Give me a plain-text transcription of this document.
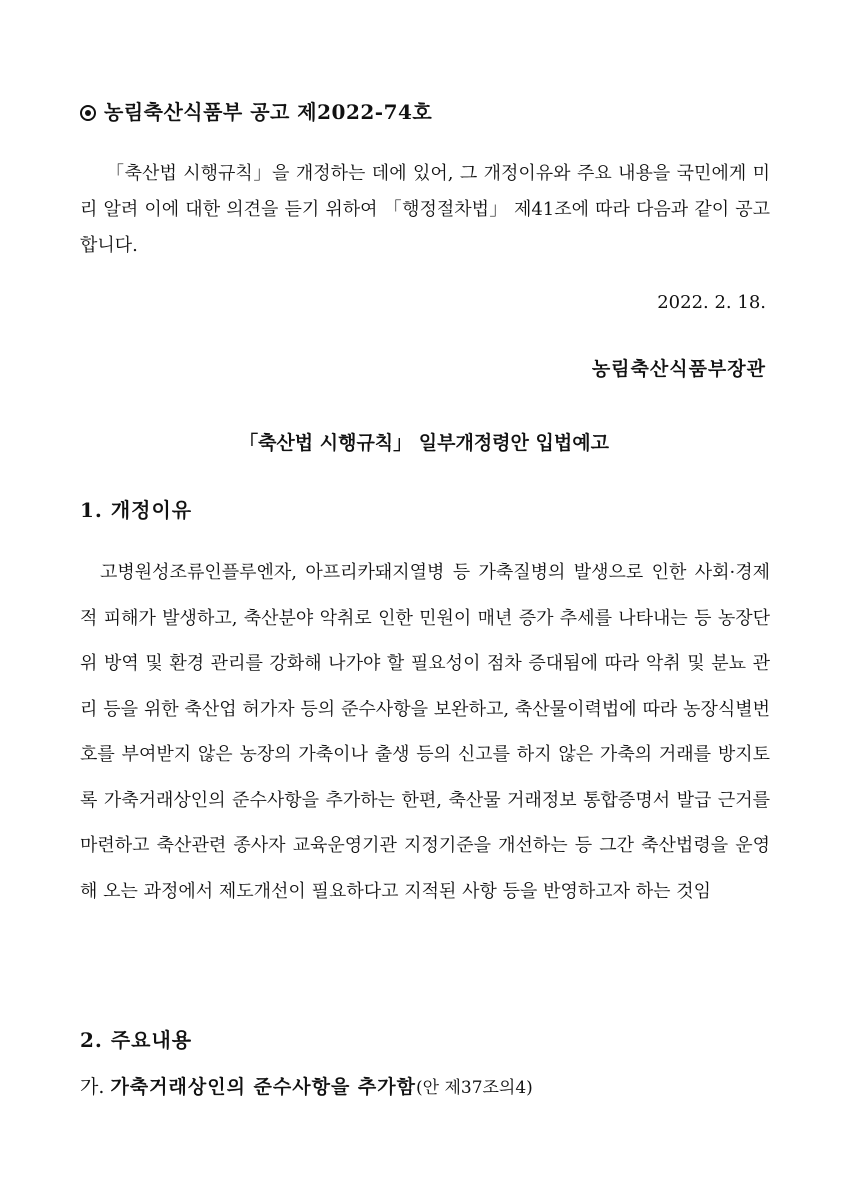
농림축산식품부 공고 제2022-74호

「축산법 시행규칙」을 개정하는 데에 있어, 그 개정이유와 주요 내용을 국민에게 미리 알려 이에 대한 의견을 듣기 위하여 「행정절차법」 제41조에 따라 다음과 같이 공고합니다.

2022. 2. 18.
농림축산식품부장관
「축산법 시행규칙」 일부개정령안 입법예고
1. 개정이유

고병원성조류인플루엔자, 아프리카돼지열병 등 가축질병의 발생으로 인한 사회·경제적 피해가 발생하고, 축산분야 악취로 인한 민원이 매년 증가 추세를 나타내는 등 농장단위 방역 및 환경 관리를 강화해 나가야 할 필요성이 점차 증대됨에 따라 악취 및 분뇨 관리 등을 위한 축산업 허가자 등의 준수사항을 보완하고, 축산물이력법에 따라 농장식별번호를 부여받지 않은 농장의 가축이나 출생 등의 신고를 하지 않은 가축의 거래를 방지토록 가축거래상인의 준수사항을 추가하는 한편, 축산물 거래정보 통합증명서 발급 근거를 마련하고 축산관련 종사자 교육운영기관 지정기준을 개선하는 등 그간 축산법령을 운영해 오는 과정에서 제도개선이 필요하다고 지적된 사항 등을 반영하고자 하는 것임

2. 주요내용
가. 가축거래상인의 준수사항을 추가함(안 제37조의4)
